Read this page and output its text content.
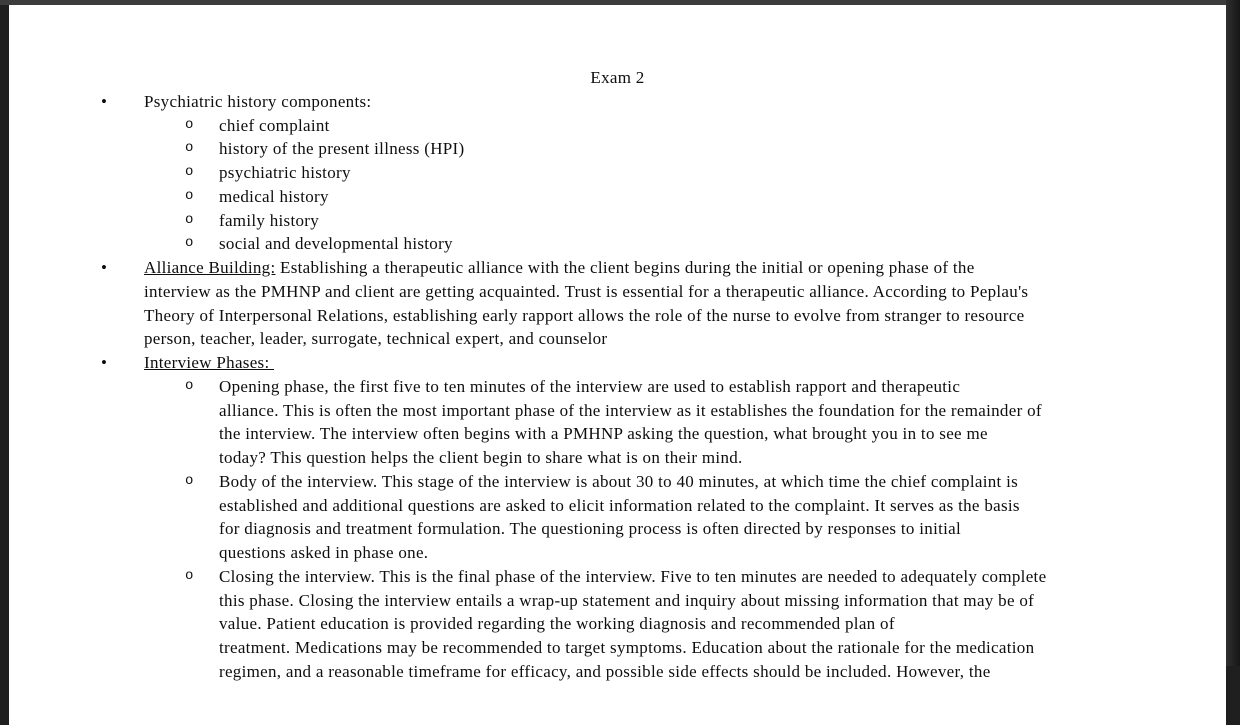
Exam 2
• Psychiatric history components:
o chief complaint
o history of the present illness (HPI)
o psychiatric history
o medical history
o family history
o social and developmental history
• Alliance Building: Establishing a therapeutic alliance with the client begins during the initial or opening phase of the
interview as the PMHNP and client are getting acquainted. Trust is essential for a therapeutic alliance. According to Peplau's
Theory of Interpersonal Relations, establishing early rapport allows the role of the nurse to evolve from stranger to resource
person, teacher, leader, surrogate, technical expert, and counselor
• Interview Phases:
o Opening phase, the first five to ten minutes of the interview are used to establish rapport and therapeutic
alliance. This is often the most important phase of the interview as it establishes the foundation for the remainder of
the interview. The interview often begins with a PMHNP asking the question, what brought you in to see me
today? This question helps the client begin to share what is on their mind.
o Body of the interview. This stage of the interview is about 30 to 40 minutes, at which time the chief complaint is
established and additional questions are asked to elicit information related to the complaint. It serves as the basis
for diagnosis and treatment formulation. The questioning process is often directed by responses to initial
questions asked in phase one.
o Closing the interview. This is the final phase of the interview. Five to ten minutes are needed to adequately complete
this phase. Closing the interview entails a wrap-up statement and inquiry about missing information that may be of
value. Patient education is provided regarding the working diagnosis and recommended plan of
treatment. Medications may be recommended to target symptoms. Education about the rationale for the medication
regimen, and a reasonable timeframe for efficacy, and possible side effects should be included. However, the
